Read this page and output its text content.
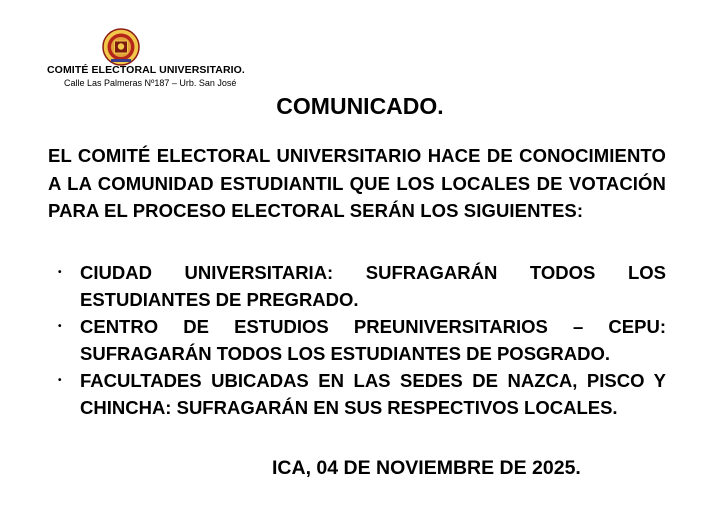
COMITÉ ELECTORAL UNIVERSITARIO.
Calle Las Palmeras Nº187 – Urb. San José
COMUNICADO.

EL COMITÉ ELECTORAL UNIVERSITARIO HACE DE CONOCIMIENTO A LA COMUNIDAD ESTUDIANTIL QUE LOS LOCALES DE VOTACIÓN PARA EL PROCESO ELECTORAL SERÁN LOS SIGUIENTES:

• CIUDAD UNIVERSITARIA: SUFRAGARÁN TODOS LOS ESTUDIANTES DE PREGRADO.
• CENTRO DE ESTUDIOS PREUNIVERSITARIOS – CEPU: SUFRAGARÁN TODOS LOS ESTUDIANTES DE POSGRADO.
• FACULTADES UBICADAS EN LAS SEDES DE NAZCA, PISCO Y CHINCHA: SUFRAGARÁN EN SUS RESPECTIVOS LOCALES.
ICA, 04 DE NOVIEMBRE DE 2025.
